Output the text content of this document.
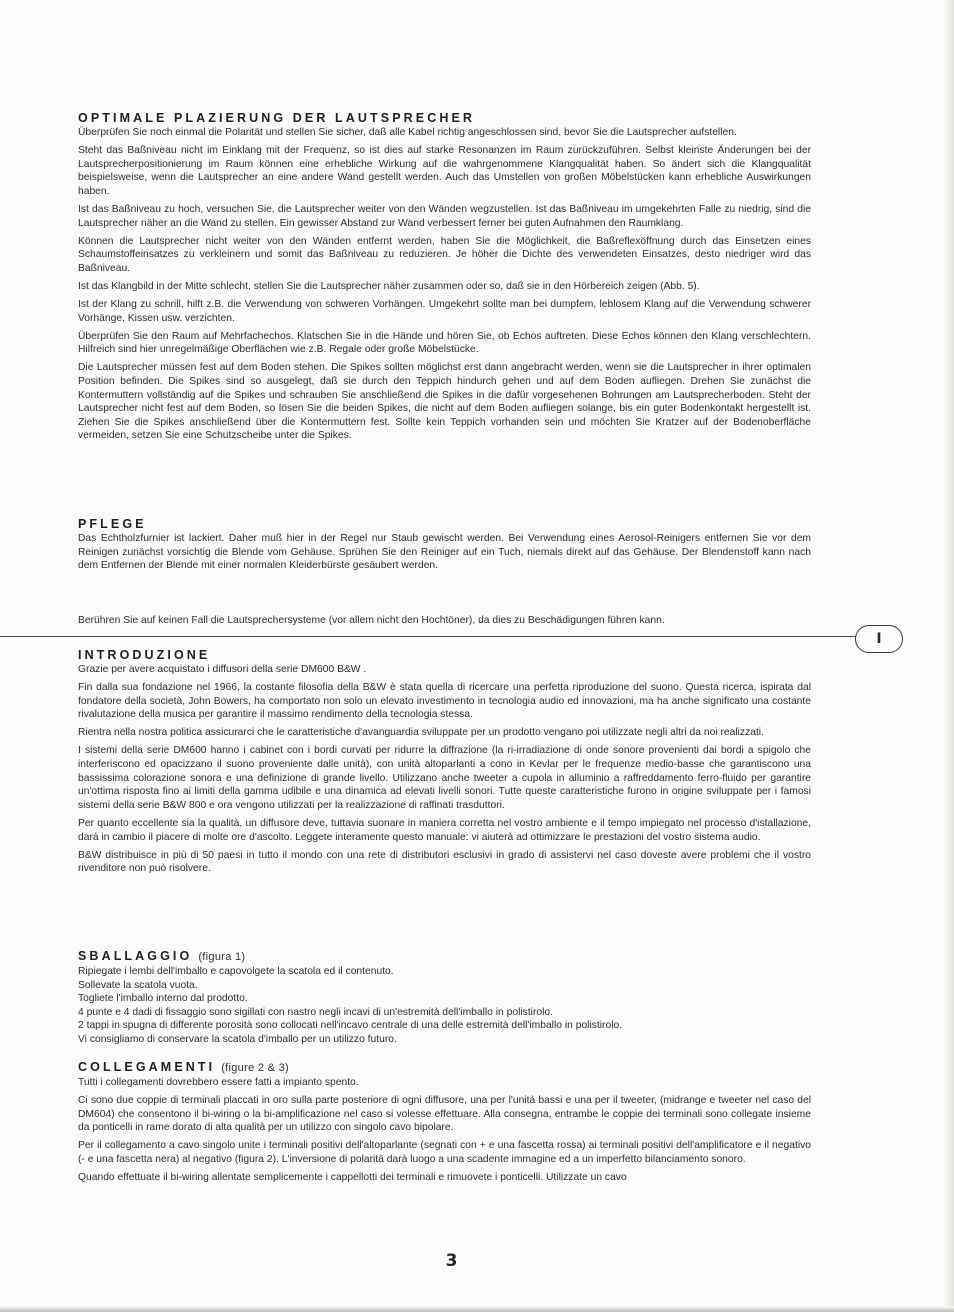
OPTIMALE PLAZIERUNG DER LAUTSPRECHER

Überprüfen Sie noch einmal die Polarität und stellen Sie sicher, daß alle Kabel richtig angeschlossen sind, bevor Sie die Lautsprecher aufstellen.

Steht das Baßniveau nicht im Einklang mit der Frequenz, so ist dies auf starke Resonanzen im Raum zurückzuführen. Selbst kleinste Änderungen bei der Lautsprecherpositionierung im Raum können eine erhebliche Wirkung auf die wahrgenommene Klangqualität haben. So ändert sich die Klangqualität beispielsweise, wenn die Lautsprecher an eine andere Wand gestellt werden. Auch das Umstellen von großen Möbelstücken kann erhebliche Auswirkungen haben.

Ist das Baßniveau zu hoch, versuchen Sie, die Lautsprecher weiter von den Wänden wegzustellen. Ist das Baßniveau im umgekehrten Falle zu niedrig, sind die Lautsprecher näher an die Wand zu stellen. Ein gewisser Abstand zur Wand verbessert ferner bei guten Aufnahmen den Raumklang.

Können die Lautsprecher nicht weiter von den Wänden entfernt werden, haben Sie die Möglichkeit, die Baßreflexöffnung durch das Einsetzen eines Schaumstoffeinsatzes zu verkleinern und somit das Baßniveau zu reduzieren. Je höher die Dichte des verwendeten Einsatzes, desto niedriger wird das Baßniveau.

Ist das Klangbild in der Mitte schlecht, stellen Sie die Lautsprecher näher zusammen oder so, daß sie in den Hörbereich zeigen (Abb. 5).

Ist der Klang zu schrill, hilft z.B. die Verwendung von schweren Vorhängen. Umgekehrt sollte man bei dumpfem, leblosem Klang auf die Verwendung schwerer Vorhänge, Kissen usw. verzichten.

Überprüfen Sie den Raum auf Mehrfachechos. Klatschen Sie in die Hände und hören Sie, ob Echos auftreten. Diese Echos können den Klang verschlechtern. Hilfreich sind hier unregelmäßige Oberflächen wie z.B. Regale oder große Möbelstücke.

Die Lautsprecher müssen fest auf dem Boden stehen. Die Spikes sollten möglichst erst dann angebracht werden, wenn sie die Lautsprecher in ihrer optimalen Position befinden. Die Spikes sind so ausgelegt, daß sie durch den Teppich hindurch gehen und auf dem Boden aufliegen. Drehen Sie zunächst die Kontermuttern vollständig auf die Spikes und schrauben Sie anschließend die Spikes in die dafür vorgesehenen Bohrungen am Lautsprecherboden. Steht der Lautsprecher nicht fest auf dem Boden, so lösen Sie die beiden Spikes, die nicht auf dem Boden aufliegen solange, bis ein guter Bodenkontakt hergestellt ist. Ziehen Sie die Spikes anschließend über die Kontermuttern fest. Sollte kein Teppich vorhanden sein und möchten Sie Kratzer auf der Bodenoberfläche vermeiden, setzen Sie eine Schutzscheibe unter die Spikes.

PFLEGE

Das Echtholzfurnier ist lackiert. Daher muß hier in der Regel nur Staub gewischt werden. Bei Verwendung eines Aerosol-Reinigers entfernen Sie vor dem Reinigen zunächst vorsichtig die Blende vom Gehäuse. Sprühen Sie den Reiniger auf ein Tuch, niemals direkt auf das Gehäuse. Der Blendenstoff kann nach dem Entfernen der Blende mit einer normalen Kleiderbürste gesäubert werden.

Berühren Sie auf keinen Fall die Lautsprechersysteme (vor allem nicht den Hochtöner), da dies zu Beschädigungen führen kann.

I
INTRODUZIONE

Grazie per avere acquistato i diffusori della serie DM600 B&W .

Fin dalla sua fondazione nel 1966, la costante filosofia della B&W è stata quella di ricercare una perfetta riproduzione del suono. Questa ricerca, ispirata dal fondatore della società, John Bowers, ha comportato non solo un elevato investimento in tecnologia audio ed innovazioni, ma ha anche significato una costante rivalutazione della musica per garantire il massimo rendimento della tecnologia stessa.

Rientra nella nostra politica assicurarci che le caratteristiche d'avanguardia sviluppate per un prodotto vengano poi utilizzate negli altri da noi realizzati.

I sistemi della serie DM600 hanno i cabinet con i bordi curvati per ridurre la diffrazione (la ri-irradiazione di onde sonore provenienti dai bordi a spigolo che interferiscono ed opacizzano il suono proveniente dalle unità), con unità altoparlanti a cono in Kevlar per le frequenze medio-basse che garantiscono una bassissima colorazione sonora e una definizione di grande livello. Utilizzano anche tweeter a cupola in alluminio a raffreddamento ferro-fluido per garantire un'ottima risposta fino ai limiti della gamma udibile e una dinamica ad elevati livelli sonori. Tutte queste caratteristiche furono in origine sviluppate per i famosi sistemi della serie B&W 800 e ora vengono utilizzati per la realizzazione di raffinati trasduttori.

Per quanto eccellente sia la qualità, un diffusore deve, tuttavia suonare in maniera corretta nel vostro ambiente e il tempo impiegato nel processo d'istallazione, darà in cambio il piacere di molte ore d'ascolto. Leggete interamente questo manuale: vi aiuterà ad ottimizzare le prestazioni del vostro sistema audio.

B&W distribuisce in più di 50 paesi in tutto il mondo con una rete di distributori esclusivi in grado di assistervi nel caso doveste avere problemi che il vostro rivenditore non può risolvere.

SBALLAGGIO (figura 1)

Ripiegate i lembi dell'imballo e capovolgete la scatola ed il contenuto.

Sollevate la scatola vuota.

Togliete l'imballo interno dal prodotto.

4 punte e 4 dadi di fissaggio sono sigillati con nastro negli incavi di un'estremità dell'imballo in polistirolo.

2 tappi in spugna di differente porosità sono collocati nell'incavo centrale di una delle estremità dell'imballo in polistirolo.

Vi consigliamo di conservare la scatola d'imballo per un utilizzo futuro.

COLLEGAMENTI (figure 2 & 3)

Tutti i collegamenti dovrebbero essere fatti a impianto spento.

Ci sono due coppie di terminali placcati in oro sulla parte posteriore di ogni diffusore, una per l'unità bassi e una per il tweeter, (midrange e tweeter nel caso del DM604) che consentono il bi-wiring o la bi-amplificazione nel caso si volesse effettuare. Alla consegna, entrambe le coppie dei terminali sono collegate insieme da ponticelli in rame dorato di alta qualità per un utilizzo con singolo cavo bipolare.

Per il collegamento a cavo singolo unite i terminali positivi dell'altoparlante (segnati con + e una fascetta rossa) ai terminali positivi dell'amplificatore e il negativo (- e una fascetta nera) al negativo (figura 2). L'inversione di polarità darà luogo a una scadente immagine ed a un imperfetto bilanciamento sonoro.

Quando effettuate il bi-wiring allentate semplicemente i cappellotti dei terminali e rimuovete i ponticelli. Utilizzate un cavo

3
